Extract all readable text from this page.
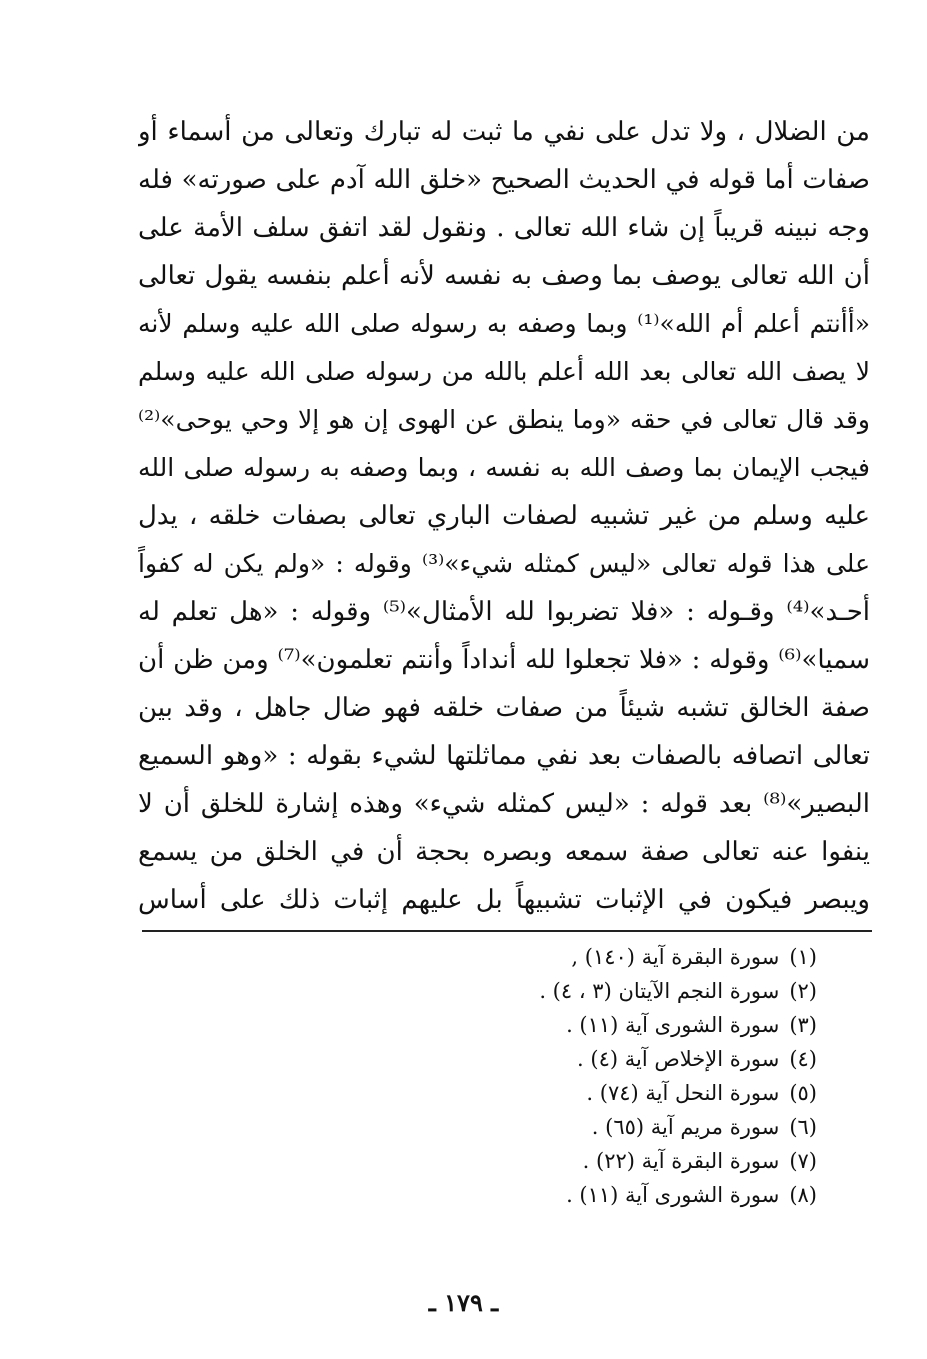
من الضلال ، ولا تدل على نفي ما ثبت له تبارك وتعالى من أسماء أو
صفات أما قوله في الحديث الصحيح «خلق الله آدم على صورته» فله
وجه نبينه قريباً إن شاء الله تعالى . ونقول لقد اتفق سلف الأمة على
أن الله تعالى يوصف بما وصف به نفسه لأنه أعلم بنفسه يقول تعالى
«أأنتم أعلم أم الله»⁽¹⁾ وبما وصفه به رسوله صلى الله عليه وسلم لأنه
لا يصف الله تعالى بعد الله أعلم بالله من رسوله صلى الله عليه وسلم
وقد قال تعالى في حقه «وما ينطق عن الهوى إن هو إلا وحي يوحى»⁽²⁾
فيجب الإيمان بما وصف الله به نفسه ، وبما وصفه به رسوله صلى الله
عليه وسلم من غير تشبيه لصفات الباري تعالى بصفات خلقه ، يدل
على هذا قوله تعالى «ليس كمثله شيء»⁽³⁾ وقوله : «ولم يكن له كفواً
أحـد»⁽⁴⁾ وقـوله : «فلا تضربوا لله الأمثال»⁽⁵⁾ وقوله : «هل تعلم له
سميا»⁽⁶⁾ وقوله : «فلا تجعلوا لله أنداداً وأنتم تعلمون»⁽⁷⁾ ومن ظن أن
صفة الخالق تشبه شيئاً من صفات خلقه فهو ضال جاهل ، وقد بين
تعالى اتصافه بالصفات بعد نفي مماثلتها لشيء بقوله : «وهو السميع
البصير»⁽⁸⁾ بعد قوله : «ليس كمثله شيء» وهذه إشارة للخلق أن لا
ينفوا عنه تعالى صفة سمعه وبصره بحجة أن في الخلق من يسمع
ويبصر فيكون في الإثبات تشبيهاً بل عليهم إثبات ذلك على أساس
(١)سورة البقرة آية (١٤٠) ,
(٢)سورة النجم الآيتان (٣ ، ٤) .
(٣)سورة الشورى آية (١١) .
(٤)سورة الإخلاص آية (٤) .
(٥)سورة النحل آية (٧٤) .
(٦)سورة مريم آية (٦٥) .
(٧)سورة البقرة آية (٢٢) .
(٨)سورة الشورى آية (١١) .
ـ ١٧٩ ـ
